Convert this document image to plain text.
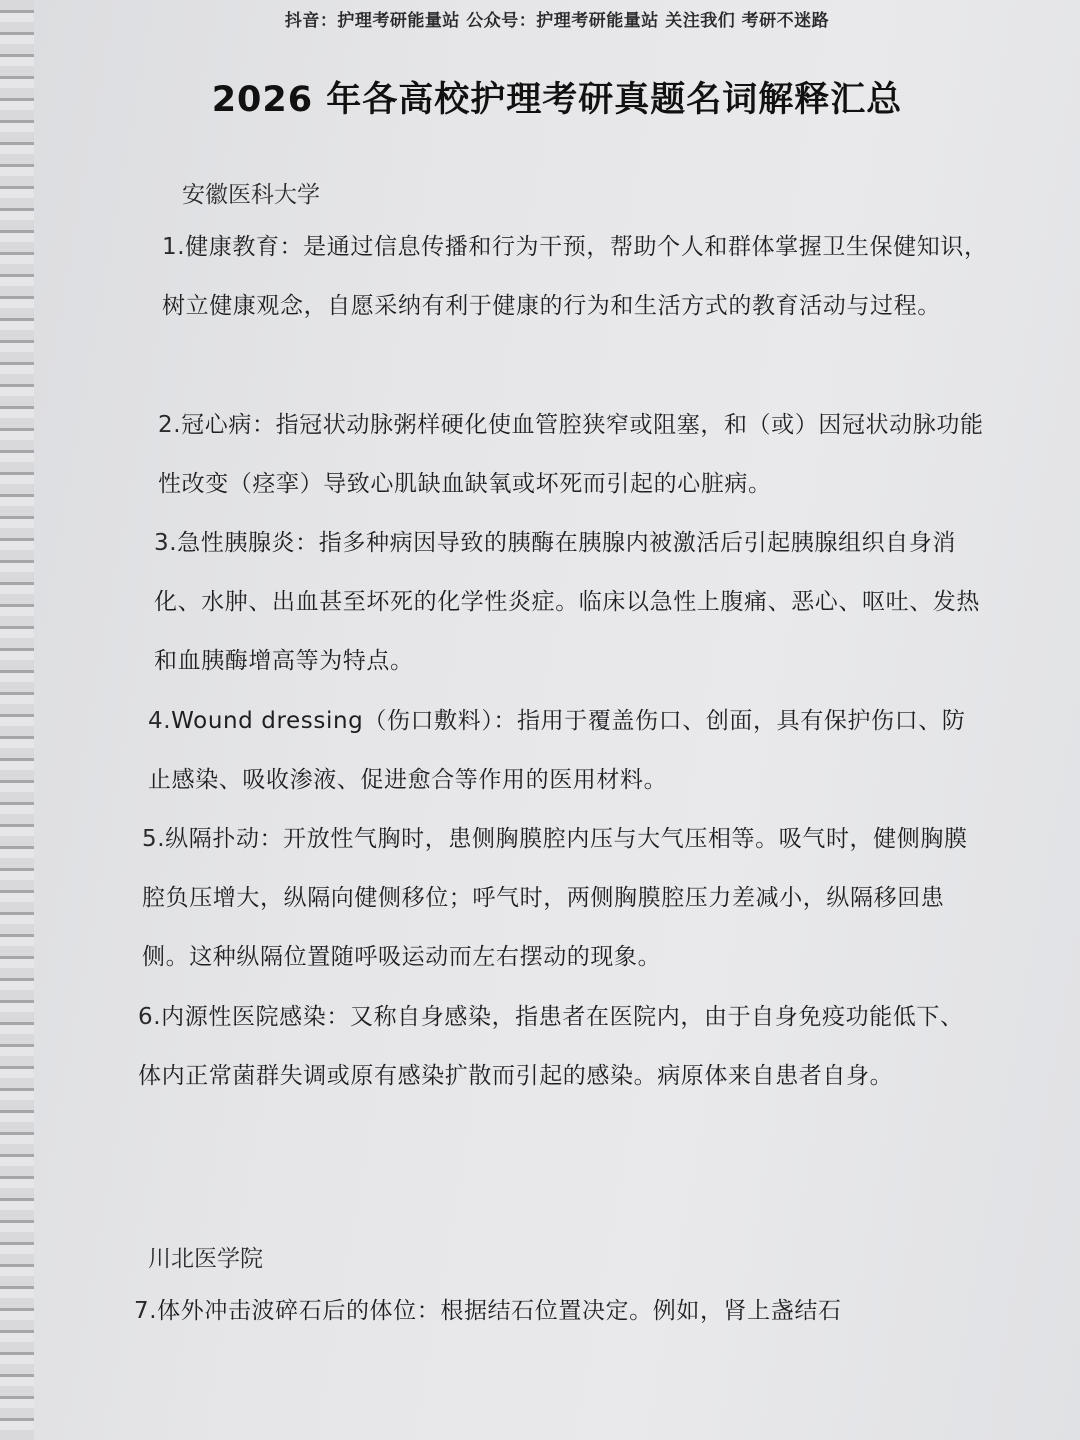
抖音：护理考研能量站 公众号：护理考研能量站 关注我们 考研不迷路
2026 年各高校护理考研真题名词解释汇总
安徽医科大学
1.健康教育：是通过信息传播和行为干预，帮助个人和群体掌握卫生保健知识，树立健康观念，自愿采纳有利于健康的行为和生活方式的教育活动与过程。
2.冠心病：指冠状动脉粥样硬化使血管腔狭窄或阻塞，和（或）因冠状动脉功能性改变（痉挛）导致心肌缺血缺氧或坏死而引起的心脏病。
3.急性胰腺炎：指多种病因导致的胰酶在胰腺内被激活后引起胰腺组织自身消化、水肿、出血甚至坏死的化学性炎症。临床以急性上腹痛、恶心、呕吐、发热和血胰酶增高等为特点。
4.Wound dressing（伤口敷料）：指用于覆盖伤口、创面，具有保护伤口、防止感染、吸收渗液、促进愈合等作用的医用材料。
5.纵隔扑动：开放性气胸时，患侧胸膜腔内压与大气压相等。吸气时，健侧胸膜腔负压增大，纵隔向健侧移位；呼气时，两侧胸膜腔压力差减小，纵隔移回患侧。这种纵隔位置随呼吸运动而左右摆动的现象。
6.内源性医院感染：又称自身感染，指患者在医院内，由于自身免疫功能低下、体内正常菌群失调或原有感染扩散而引起的感染。病原体来自患者自身。
川北医学院
7.体外冲击波碎石后的体位：根据结石位置决定。例如，肾上盏结石
